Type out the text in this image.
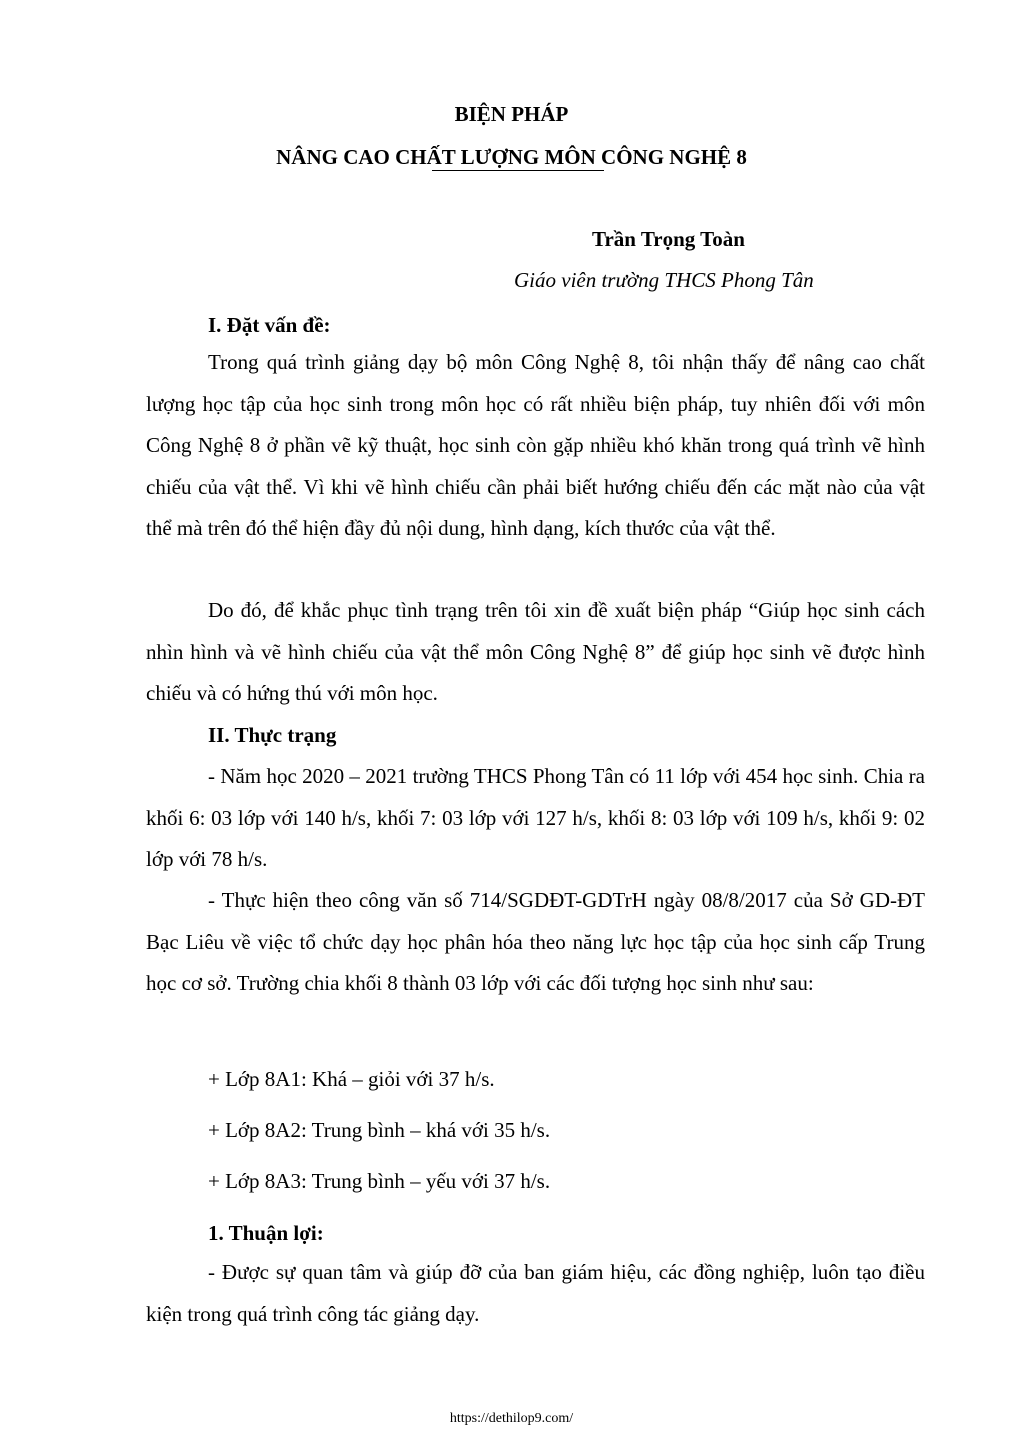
BIỆN PHÁP
NÂNG CAO CHẤT LƯỢNG MÔN CÔNG NGHỆ 8
Trần Trọng Toàn
Giáo viên trường THCS Phong Tân
I. Đặt vấn đề:

Trong quá trình giảng dạy bộ môn Công Nghệ 8, tôi nhận thấy để nâng cao chất lượng học tập của học sinh trong môn học có rất nhiều biện pháp, tuy nhiên đối với môn Công Nghệ 8 ở phần vẽ kỹ thuật, học sinh còn gặp nhiều khó khăn trong quá trình vẽ hình chiếu của vật thể. Vì khi vẽ hình chiếu cần phải biết hướng chiếu đến các mặt nào của vật thể mà trên đó thể hiện đầy đủ nội dung, hình dạng, kích thước của vật thể.

Do đó, để khắc phục tình trạng trên tôi xin đề xuất biện pháp “Giúp học sinh cách nhìn hình và vẽ hình chiếu của vật thể môn Công Nghệ 8” để giúp học sinh vẽ được hình chiếu và có hứng thú với môn học.

II. Thực trạng

- Năm học 2020 – 2021 trường THCS Phong Tân có 11 lớp với 454 học sinh. Chia ra khối 6: 03 lớp với 140 h/s, khối 7: 03 lớp với 127 h/s, khối 8: 03 lớp với 109 h/s, khối 9: 02 lớp với 78 h/s.

- Thực hiện theo công văn số 714/SGDĐT-GDTrH ngày 08/8/2017 của Sở GD-ĐT Bạc Liêu về việc tổ chức dạy học phân hóa theo năng lực học tập của học sinh cấp Trung học cơ sở. Trường chia khối 8 thành 03 lớp với các đối tượng học sinh như sau:

+ Lớp 8A1: Khá – giỏi với 37 h/s.
+ Lớp 8A2: Trung bình – khá với 35 h/s.
+ Lớp 8A3: Trung bình – yếu với 37 h/s.
1. Thuận lợi:

- Được sự quan tâm và giúp đỡ của ban giám hiệu, các đồng nghiệp, luôn tạo điều kiện trong quá trình công tác giảng dạy.

https://dethilop9.com/
